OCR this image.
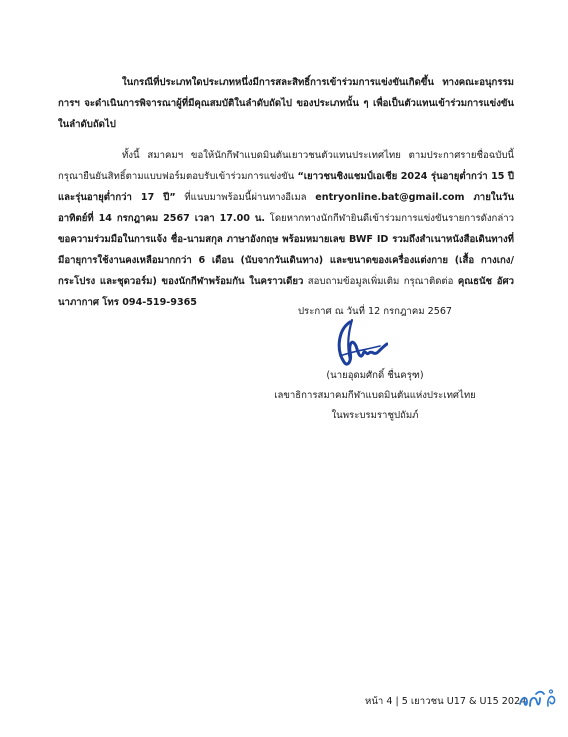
ในกรณีที่ประเภทใดประเภทหนึ่งมีการสละสิทธิ์การเข้าร่วมการแข่งขันเกิดขึ้น ทางคณะอนุกรรมการฯ จะดำเนินการพิจารณาผู้ที่มีคุณสมบัติในลำดับถัดไป ของประเภทนั้น ๆ เพื่อเป็นตัวแทนเข้าร่วมการแข่งขันในลำดับถัดไป
ทั้งนี้ สมาคมฯ ขอให้นักกีฬาแบดมินตันเยาวชนตัวแทนประเทศไทย ตามประกาศรายชื่อฉบับนี้ กรุณายืนยันสิทธิ์ตามแบบฟอร์มตอบรับเข้าร่วมการแข่งขัน “เยาวชนชิงแชมป์เอเชีย 2024 รุ่นอายุต่ำกว่า 15 ปี และรุ่นอายุต่ำกว่า 17 ปี” ที่แนบมาพร้อมนี้ผ่านทางอีเมล entryonline.bat@gmail.com ภายในวันอาทิตย์ที่ 14 กรกฎาคม 2567 เวลา 17.00 น. โดยหากทางนักกีฬายินดีเข้าร่วมการแข่งขันรายการดังกล่าว ขอความร่วมมือในการแจ้ง ชื่อ-นามสกุล ภาษาอังกฤษ พร้อมหมายเลข BWF ID รวมถึงสำเนาหนังสือเดินทางที่มีอายุการใช้งานคงเหลือมากกว่า 6 เดือน (นับจากวันเดินทาง) และขนาดของเครื่องแต่งกาย (เสื้อ กางเกง/กระโปรง และชุดวอร์ม) ของนักกีฬาพร้อมกัน ในคราวเดียว สอบถามข้อมูลเพิ่มเติม กรุณาติดต่อ คุณธนัช อัศวนาภากาศ โทร 094-519-9365
ประกาศ ณ วันที่ 12 กรกฎาคม 2567
(นายอุดมศักดิ์ ชื่นครุฑ)
เลขาธิการสมาคมกีฬาแบดมินตันแห่งประเทศไทย
ในพระบรมราชูปถัมภ์
หน้า 4 | 5 เยาวชน U17 & U15 2024
